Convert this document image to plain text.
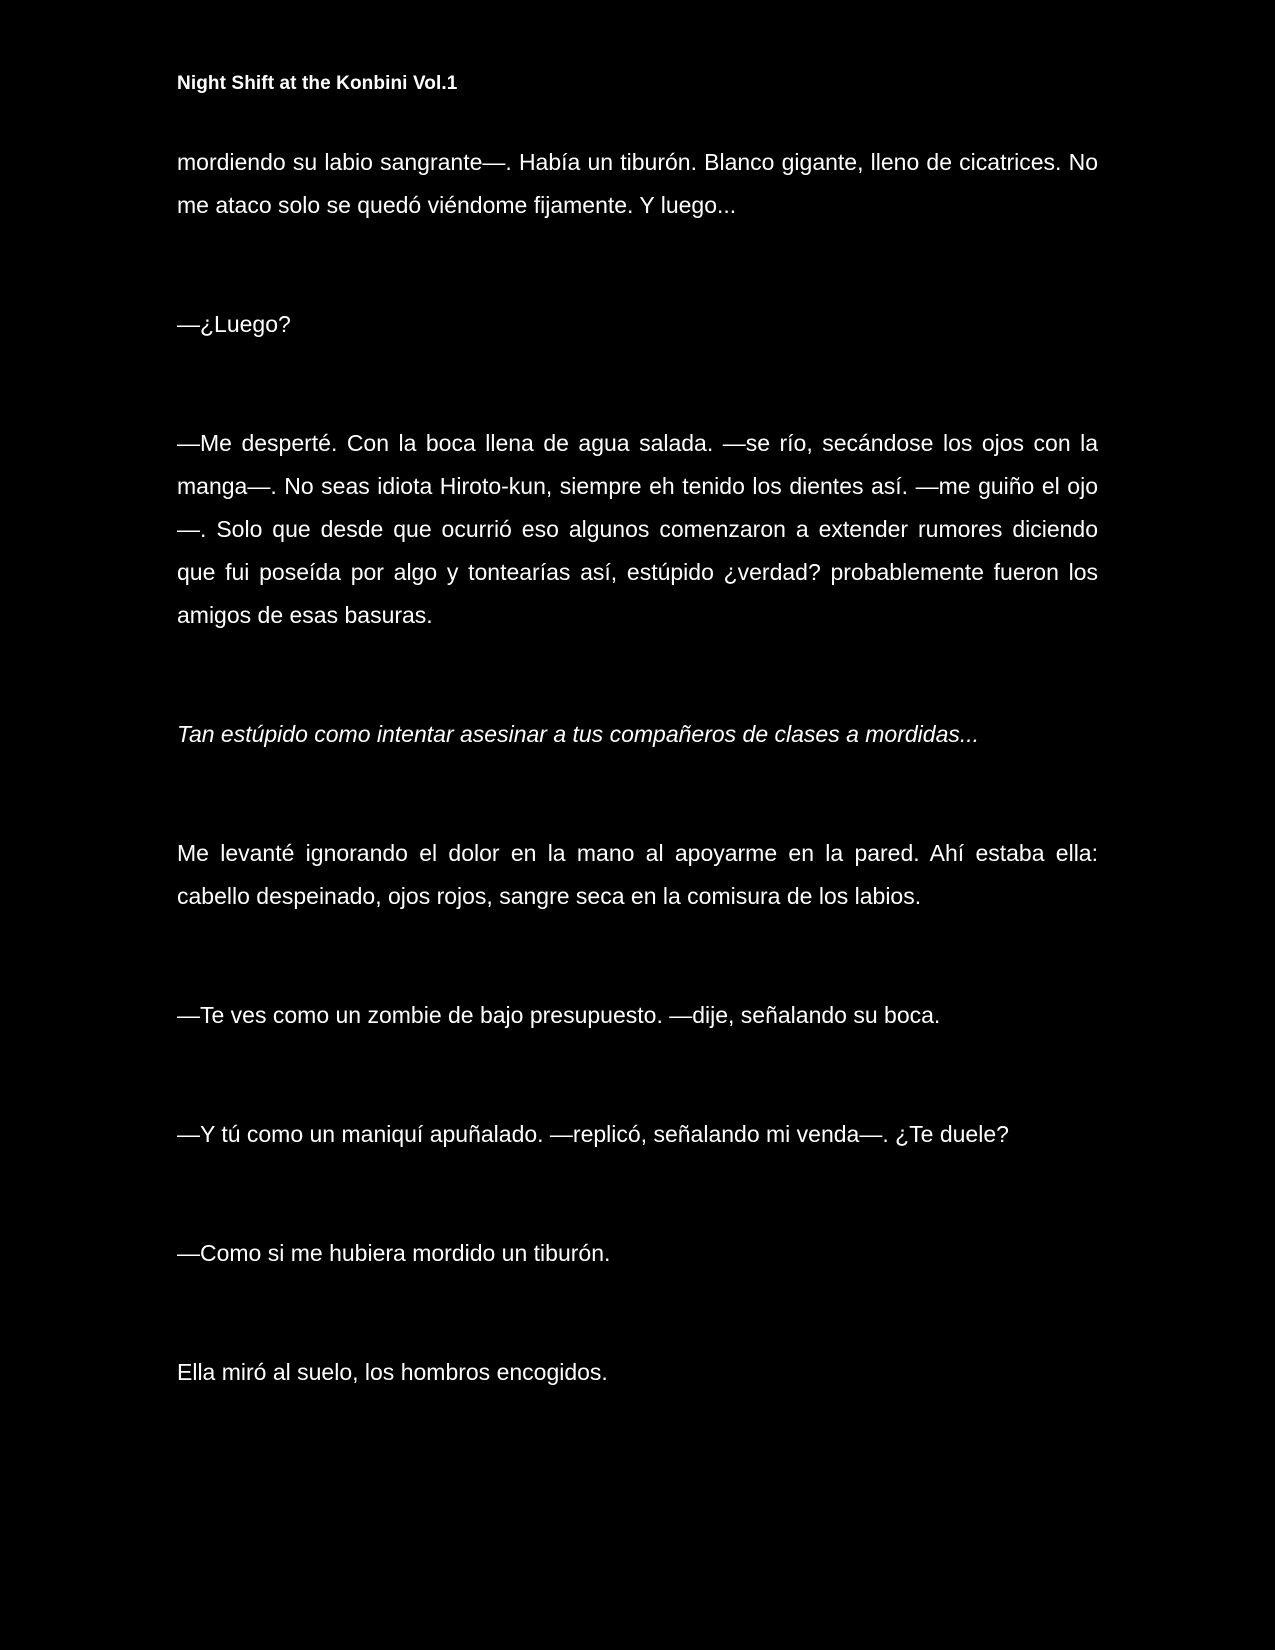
Night Shift at the Konbini Vol.1

mordiendo su labio sangrante—. Había un tiburón. Blanco gigante, lleno de cicatrices. No me ataco solo se quedó viéndome fijamente. Y luego...

—¿Luego?

—Me desperté. Con la boca llena de agua salada. —se río, secándose los ojos con la manga—. No seas idiota Hiroto-kun, siempre eh tenido los dientes así. —me guiño el ojo—. Solo que desde que ocurrió eso algunos comenzaron a extender rumores diciendo que fui poseída por algo y tontearías así, estúpido ¿verdad? probablemente fueron los amigos de esas basuras.

Tan estúpido como intentar asesinar a tus compañeros de clases a mordidas...

Me levanté ignorando el dolor en la mano al apoyarme en la pared. Ahí estaba ella: cabello despeinado, ojos rojos, sangre seca en la comisura de los labios.

—Te ves como un zombie de bajo presupuesto. —dije, señalando su boca.

—Y tú como un maniquí apuñalado. —replicó, señalando mi venda—. ¿Te duele?

—Como si me hubiera mordido un tiburón.

Ella miró al suelo, los hombros encogidos.
